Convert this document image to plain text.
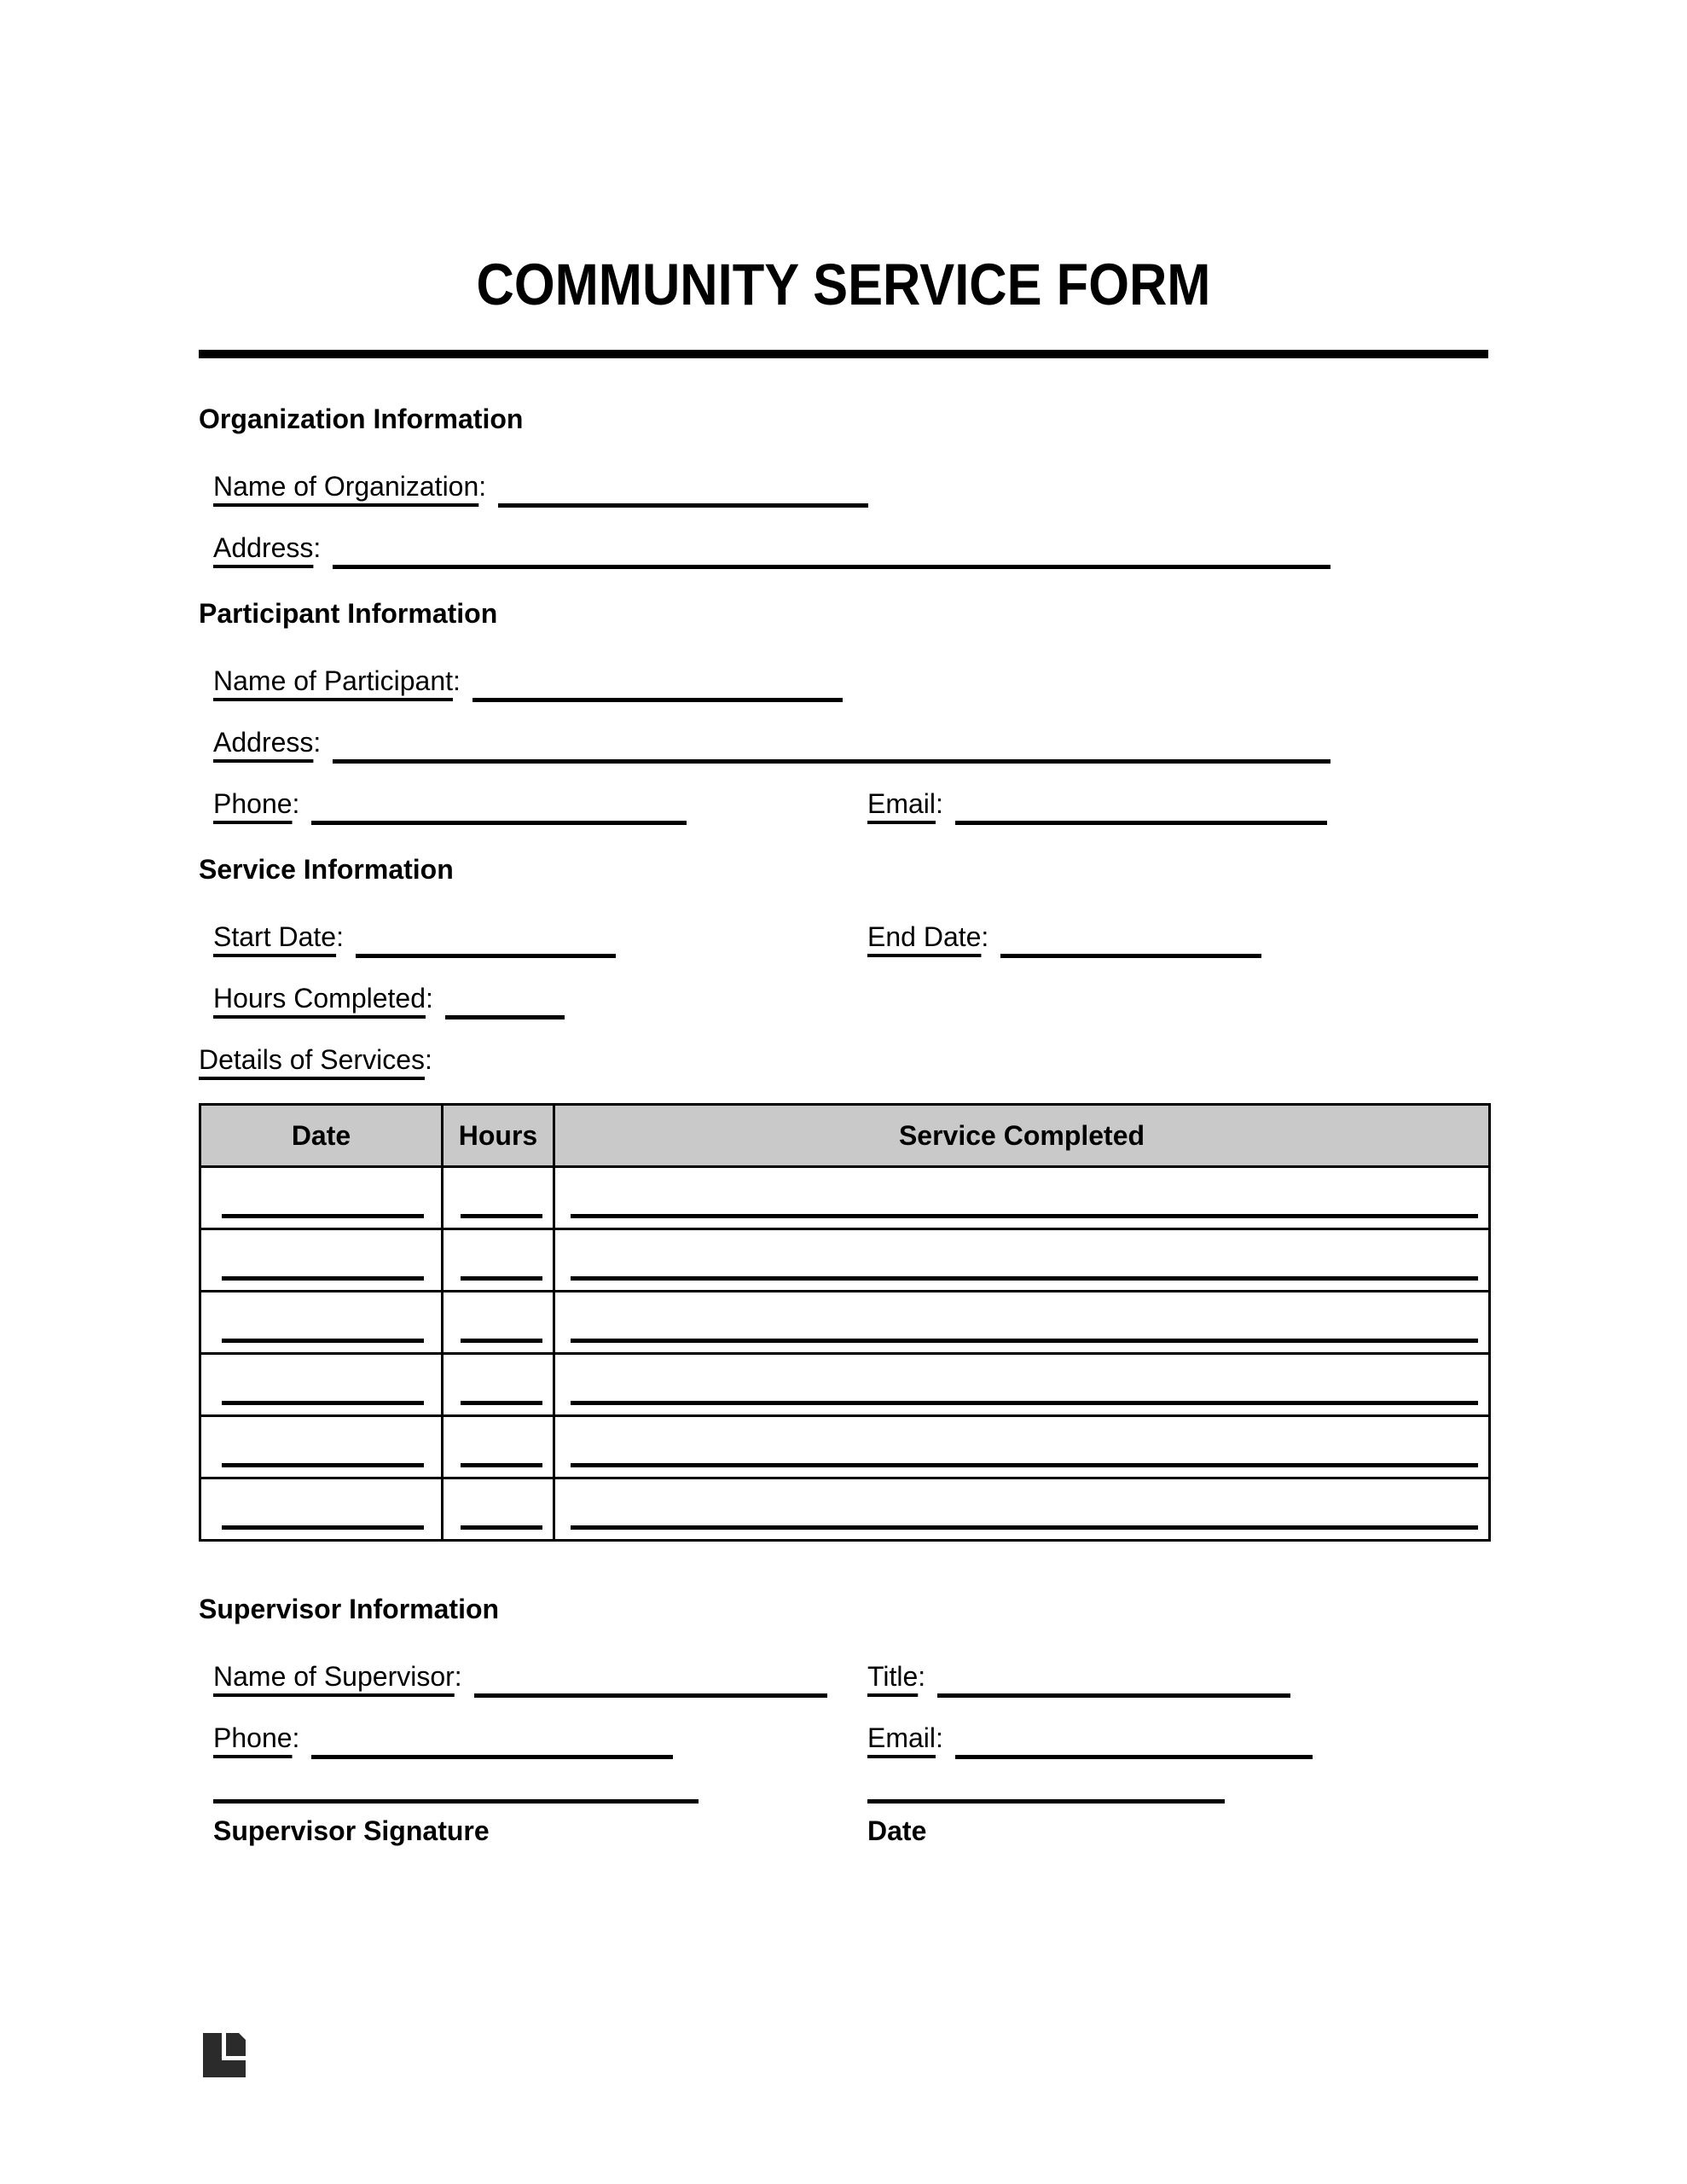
COMMUNITY SERVICE FORM
Organization Information
Name of Organization:
Address:
Participant Information
Name of Participant:
Address:
Phone:	Email:
Service Information
Start Date:	End Date:
Hours Completed:
Details of Services:
Date	Hours	Service Completed

Supervisor Information
Name of Supervisor:	Title:
Phone:	Email:
Supervisor Signature	Date
